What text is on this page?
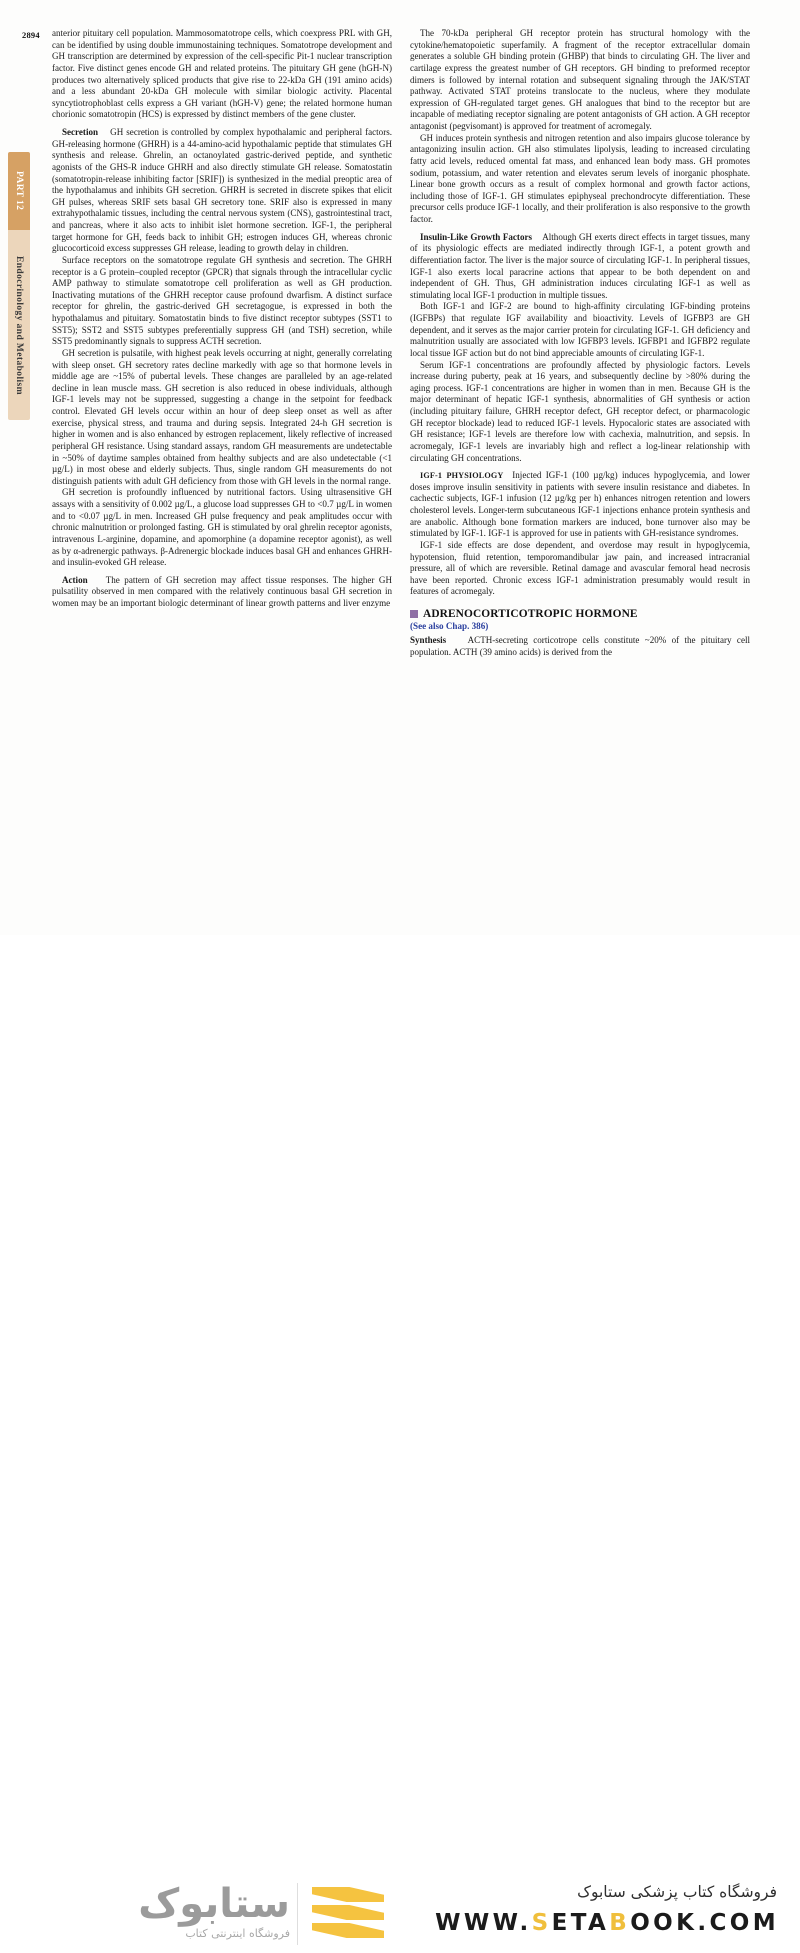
2894
PART 12
Endocrinology and Metabolism

anterior pituitary cell population. Mammosomatotrope cells, which coexpress PRL with GH, can be identified by using double immunostaining techniques. Somatotrope development and GH transcription are determined by expression of the cell-specific Pit-1 nuclear transcription factor. Five distinct genes encode GH and related proteins. The pituitary GH gene (hGH-N) produces two alternatively spliced products that give rise to 22-kDa GH (191 amino acids) and a less abundant 20-kDa GH molecule with similar biologic activity. Placental syncytiotrophoblast cells express a GH variant (hGH-V) gene; the related hormone human chorionic somatotropin (HCS) is expressed by distinct members of the gene cluster.

Secretion GH secretion is controlled by complex hypothalamic and peripheral factors. GH-releasing hormone (GHRH) is a 44-amino-acid hypothalamic peptide that stimulates GH synthesis and release. Ghrelin, an octanoylated gastric-derived peptide, and synthetic agonists of the GHS-R induce GHRH and also directly stimulate GH release. Somatostatin (somatotropin-release inhibiting factor [SRIF]) is synthesized in the medial preoptic area of the hypothalamus and inhibits GH secretion. GHRH is secreted in discrete spikes that elicit GH pulses, whereas SRIF sets basal GH secretory tone. SRIF also is expressed in many extrahypothalamic tissues, including the central nervous system (CNS), gastrointestinal tract, and pancreas, where it also acts to inhibit islet hormone secretion. IGF-1, the peripheral target hormone for GH, feeds back to inhibit GH; estrogen induces GH, whereas chronic glucocorticoid excess suppresses GH release, leading to growth delay in children.

Surface receptors on the somatotrope regulate GH synthesis and secretion. The GHRH receptor is a G protein–coupled receptor (GPCR) that signals through the intracellular cyclic AMP pathway to stimulate somatotrope cell proliferation as well as GH production. Inactivating mutations of the GHRH receptor cause profound dwarfism. A distinct surface receptor for ghrelin, the gastric-derived GH secretagogue, is expressed in both the hypothalamus and pituitary. Somatostatin binds to five distinct receptor subtypes (SST1 to SST5); SST2 and SST5 subtypes preferentially suppress GH (and TSH) secretion, while SST5 predominantly signals to suppress ACTH secretion.

GH secretion is pulsatile, with highest peak levels occurring at night, generally correlating with sleep onset. GH secretory rates decline markedly with age so that hormone levels in middle age are ~15% of pubertal levels. These changes are paralleled by an age-related decline in lean muscle mass. GH secretion is also reduced in obese individuals, although IGF-1 levels may not be suppressed, suggesting a change in the setpoint for feedback control. Elevated GH levels occur within an hour of deep sleep onset as well as after exercise, physical stress, and trauma and during sepsis. Integrated 24-h GH secretion is higher in women and is also enhanced by estrogen replacement, likely reflective of increased peripheral GH resistance. Using standard assays, random GH measurements are undetectable in ~50% of daytime samples obtained from healthy subjects and are also undetectable (<1 µg/L) in most obese and elderly subjects. Thus, single random GH measurements do not distinguish patients with adult GH deficiency from those with GH levels in the normal range.

GH secretion is profoundly influenced by nutritional factors. Using ultrasensitive GH assays with a sensitivity of 0.002 µg/L, a glucose load suppresses GH to <0.7 µg/L in women and to <0.07 µg/L in men. Increased GH pulse frequency and peak amplitudes occur with chronic malnutrition or prolonged fasting. GH is stimulated by oral ghrelin receptor agonists, intravenous L-arginine, dopamine, and apomorphine (a dopamine receptor agonist), as well as by α-adrenergic pathways. β-Adrenergic blockade induces basal GH and enhances GHRH- and insulin-evoked GH release.

Action The pattern of GH secretion may affect tissue responses. The higher GH pulsatility observed in men compared with the relatively continuous basal GH secretion in women may be an important biologic determinant of linear growth patterns and liver enzyme

The 70-kDa peripheral GH receptor protein has structural homology with the cytokine/hematopoietic superfamily. A fragment of the receptor extracellular domain generates a soluble GH binding protein (GHBP) that binds to circulating GH. The liver and cartilage express the greatest number of GH receptors. GH binding to preformed receptor dimers is followed by internal rotation and subsequent signaling through the JAK/STAT pathway. Activated STAT proteins translocate to the nucleus, where they modulate expression of GH-regulated target genes. GH analogues that bind to the receptor but are incapable of mediating receptor signaling are potent antagonists of GH action. A GH receptor antagonist (pegvisomant) is approved for treatment of acromegaly.

GH induces protein synthesis and nitrogen retention and also impairs glucose tolerance by antagonizing insulin action. GH also stimulates lipolysis, leading to increased circulating fatty acid levels, reduced omental fat mass, and enhanced lean body mass. GH promotes sodium, potassium, and water retention and elevates serum levels of inorganic phosphate. Linear bone growth occurs as a result of complex hormonal and growth factor actions, including those of IGF-1. GH stimulates epiphyseal prechondrocyte differentiation. These precursor cells produce IGF-1 locally, and their proliferation is also responsive to the growth factor.

Insulin-Like Growth Factors Although GH exerts direct effects in target tissues, many of its physiologic effects are mediated indirectly through IGF-1, a potent growth and differentiation factor. The liver is the major source of circulating IGF-1. In peripheral tissues, IGF-1 also exerts local paracrine actions that appear to be both dependent on and independent of GH. Thus, GH administration induces circulating IGF-1 as well as stimulating local IGF-1 production in multiple tissues.

Both IGF-1 and IGF-2 are bound to high-affinity circulating IGF-binding proteins (IGFBPs) that regulate IGF availability and bioactivity. Levels of IGFBP3 are GH dependent, and it serves as the major carrier protein for circulating IGF-1. GH deficiency and malnutrition usually are associated with low IGFBP3 levels. IGFBP1 and IGFBP2 regulate local tissue IGF action but do not bind appreciable amounts of circulating IGF-1.

Serum IGF-1 concentrations are profoundly affected by physiologic factors. Levels increase during puberty, peak at 16 years, and subsequently decline by >80% during the aging process. IGF-1 concentrations are higher in women than in men. Because GH is the major determinant of hepatic IGF-1 synthesis, abnormalities of GH synthesis or action (including pituitary failure, GHRH receptor defect, GH receptor defect, or pharmacologic GH receptor blockade) lead to reduced IGF-1 levels. Hypocaloric states are associated with GH resistance; IGF-1 levels are therefore low with cachexia, malnutrition, and sepsis. In acromegaly, IGF-1 levels are invariably high and reflect a log-linear relationship with circulating GH concentrations.

IGF-1 PHYSIOLOGY Injected IGF-1 (100 µg/kg) induces hypoglycemia, and lower doses improve insulin sensitivity in patients with severe insulin resistance and diabetes. In cachectic subjects, IGF-1 infusion (12 µg/kg per h) enhances nitrogen retention and lowers cholesterol levels. Longer-term subcutaneous IGF-1 injections enhance protein synthesis and are anabolic. Although bone formation markers are induced, bone turnover also may be stimulated by IGF-1. IGF-1 is approved for use in patients with GH-resistance syndromes.

IGF-1 side effects are dose dependent, and overdose may result in hypoglycemia, hypotension, fluid retention, temporomandibular jaw pain, and increased intracranial pressure, all of which are reversible. Retinal damage and avascular femoral head necrosis have been reported. Chronic excess IGF-1 administration presumably would result in features of acromegaly.

ADRENOCORTICOTROPIC HORMONE
(See also Chap. 386)

Synthesis ACTH-secreting corticotrope cells constitute ~20% of the pituitary cell population. ACTH (39 amino acids) is derived from the

ستابوک
فروشگاه اینترنتی کتاب
فروشگاه کتاب پزشکی ستابوک
WWW.SETABOOK.COM
